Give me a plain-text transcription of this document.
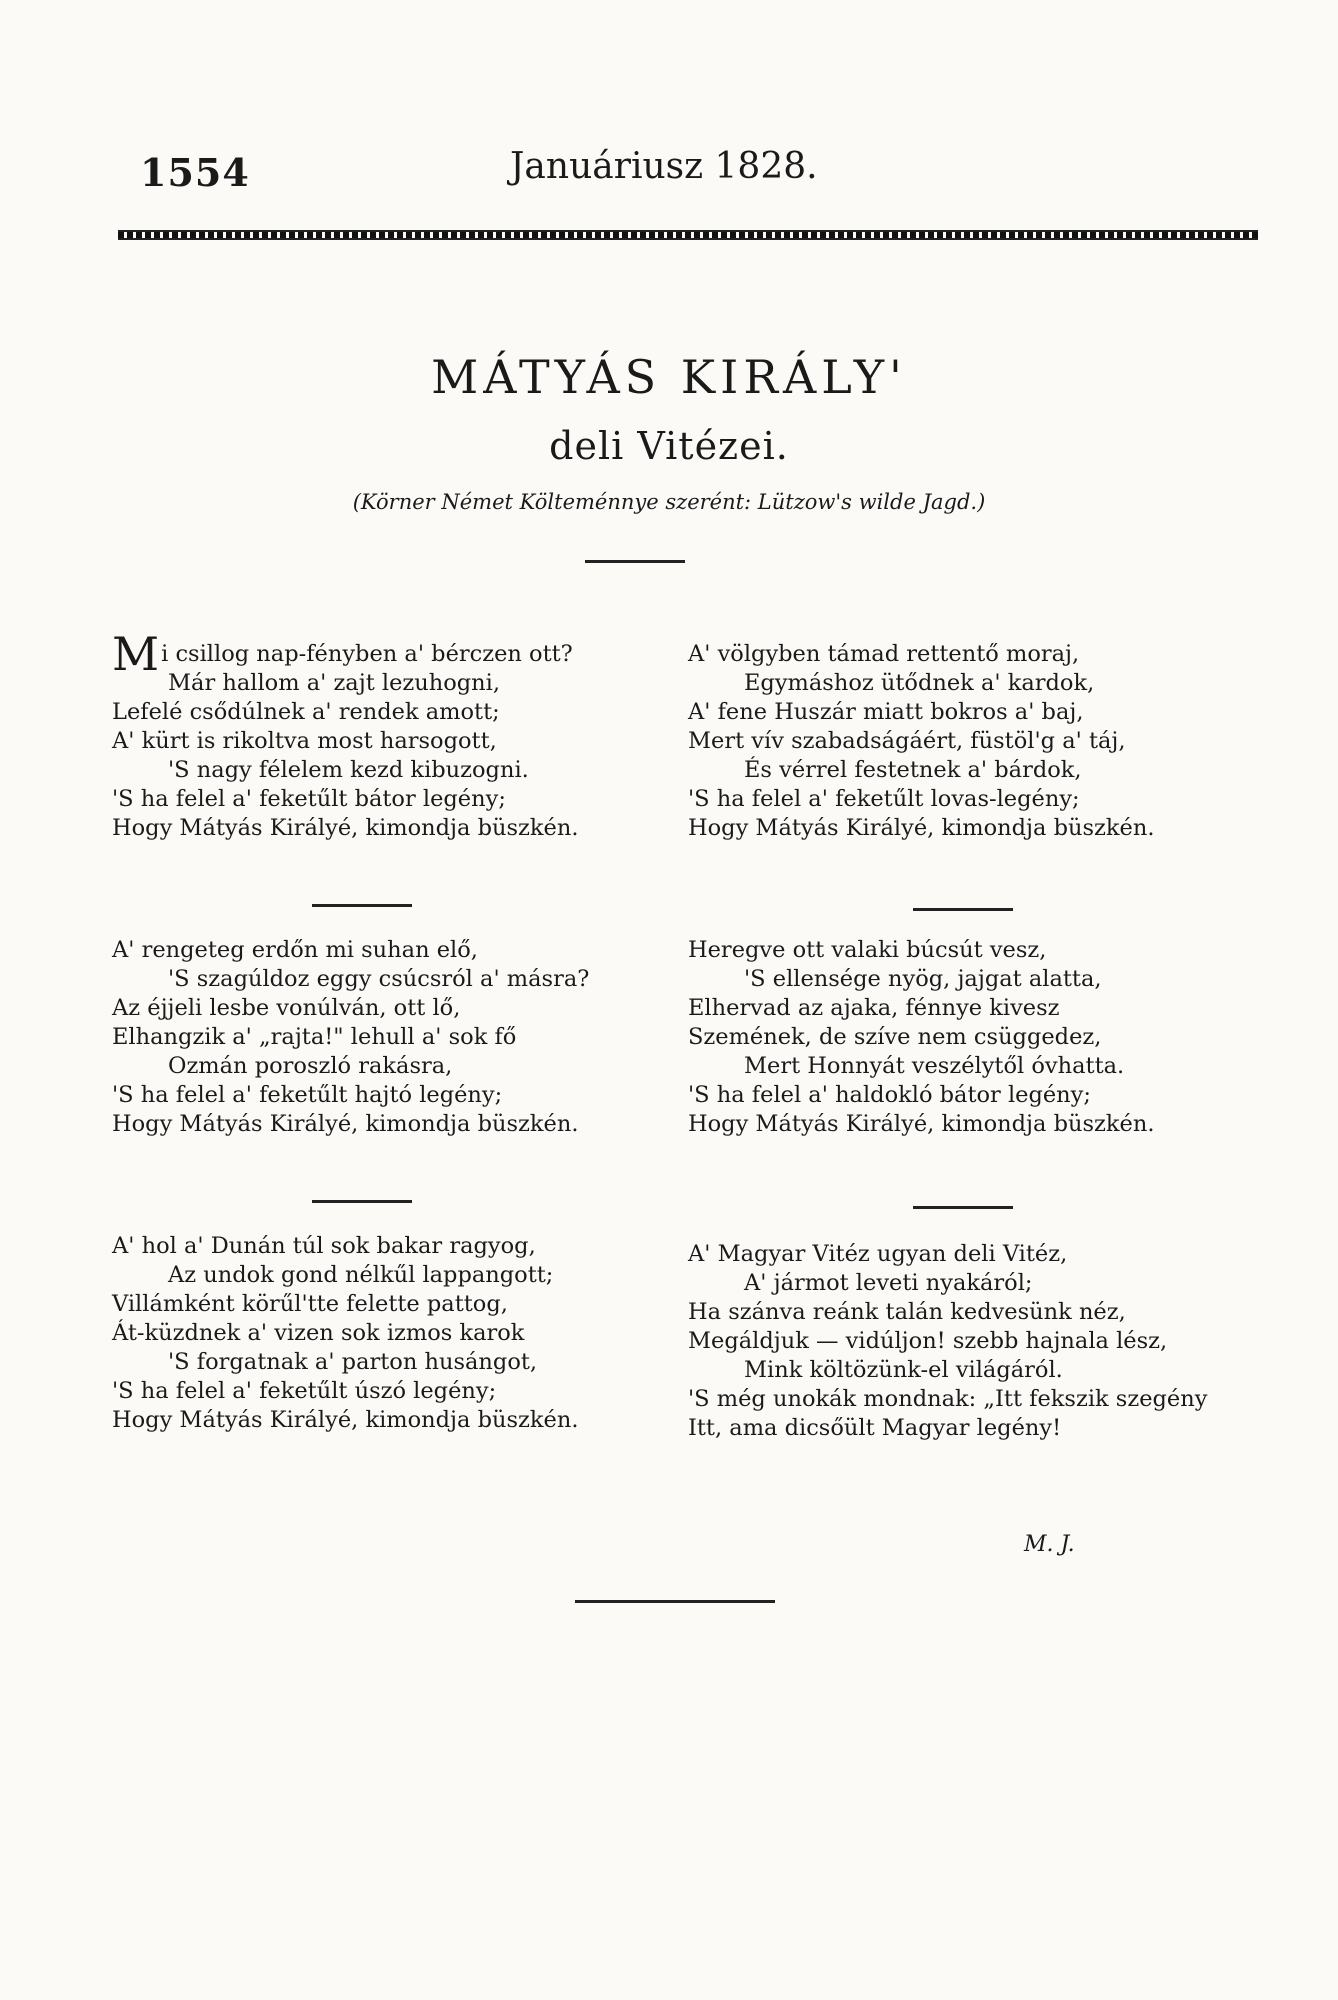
1554	Januáriusz 1828.
MÁTYÁS KIRÁLY'
deli Vitézei.
(Körner Német Költeménnye szerént: Lützow's wilde Jagd.)
Mi csillog nap-fényben a' bérczen ott?
Már hallom a' zajt lezuhogni,
Lefelé csődúlnek a' rendek amott;
A' kürt is rikoltva most harsogott,
'S nagy félelem kezd kibuzogni.
'S ha felel a' feketűlt bátor legény;
Hogy Mátyás Királyé, kimondja büszkén.
A' rengeteg erdőn mi suhan elő,
'S szagúldoz eggy csúcsról a' másra?
Az éjjeli lesbe vonúlván, ott lő,
Elhangzik a' „rajta!" lehull a' sok fő
Ozmán poroszló rakásra,
'S ha felel a' feketűlt hajtó legény;
Hogy Mátyás Királyé, kimondja büszkén.
A' hol a' Dunán túl sok bakar ragyog,
Az undok gond nélkűl lappangott;
Villámként körűl'tte felette pattog,
Át-küzdnek a' vizen sok izmos karok
'S forgatnak a' parton husángot,
'S ha felel a' feketűlt úszó legény;
Hogy Mátyás Királyé, kimondja büszkén.
A' völgyben támad rettentő moraj,
Egymáshoz ütődnek a' kardok,
A' fene Huszár miatt bokros a' baj,
Mert vív szabadságáért, füstöl'g a' táj,
És vérrel festetnek a' bárdok,
'S ha felel a' feketűlt lovas-legény;
Hogy Mátyás Királyé, kimondja büszkén.
Heregve ott valaki búcsút vesz,
'S ellensége nyög, jajgat alatta,
Elhervad az ajaka, fénnye kivesz
Szemének, de szíve nem csüggedez,
Mert Honnyát veszélytől óvhatta.
'S ha felel a' haldokló bátor legény;
Hogy Mátyás Királyé, kimondja büszkén.
A' Magyar Vitéz ugyan deli Vitéz,
A' jármot leveti nyakáról;
Ha szánva reánk talán kedvesünk néz,
Megáldjuk — vidúljon! szebb hajnala lész,
Mink költözünk-el világáról.
'S még unokák mondnak: „Itt fekszik szegény
Itt, ama dicsőült Magyar legény!
M. J.
